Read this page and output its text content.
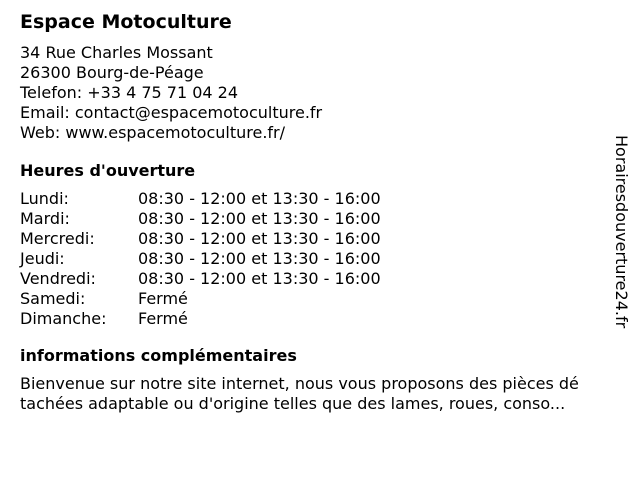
Espace Motoculture
34 Rue Charles Mossant
26300 Bourg-de-Péage
Telefon: +33 4 75 71 04 24
Email: contact@espacemotoculture.fr
Web: www.espacemotoculture.fr/
Heures d'ouverture
Lundi:	08:30 - 12:00 et 13:30 - 16:00
Mardi:	08:30 - 12:00 et 13:30 - 16:00
Mercredi:	08:30 - 12:00 et 13:30 - 16:00
Jeudi:	08:30 - 12:00 et 13:30 - 16:00
Vendredi:	08:30 - 12:00 et 13:30 - 16:00
Samedi:	Fermé
Dimanche:	Fermé
informations complémentaires
Bienvenue sur notre site internet, nous vous proposons des pièces dé
tachées adaptable ou d'origine telles que des lames, roues, conso...
Horairesdouverture24.fr
